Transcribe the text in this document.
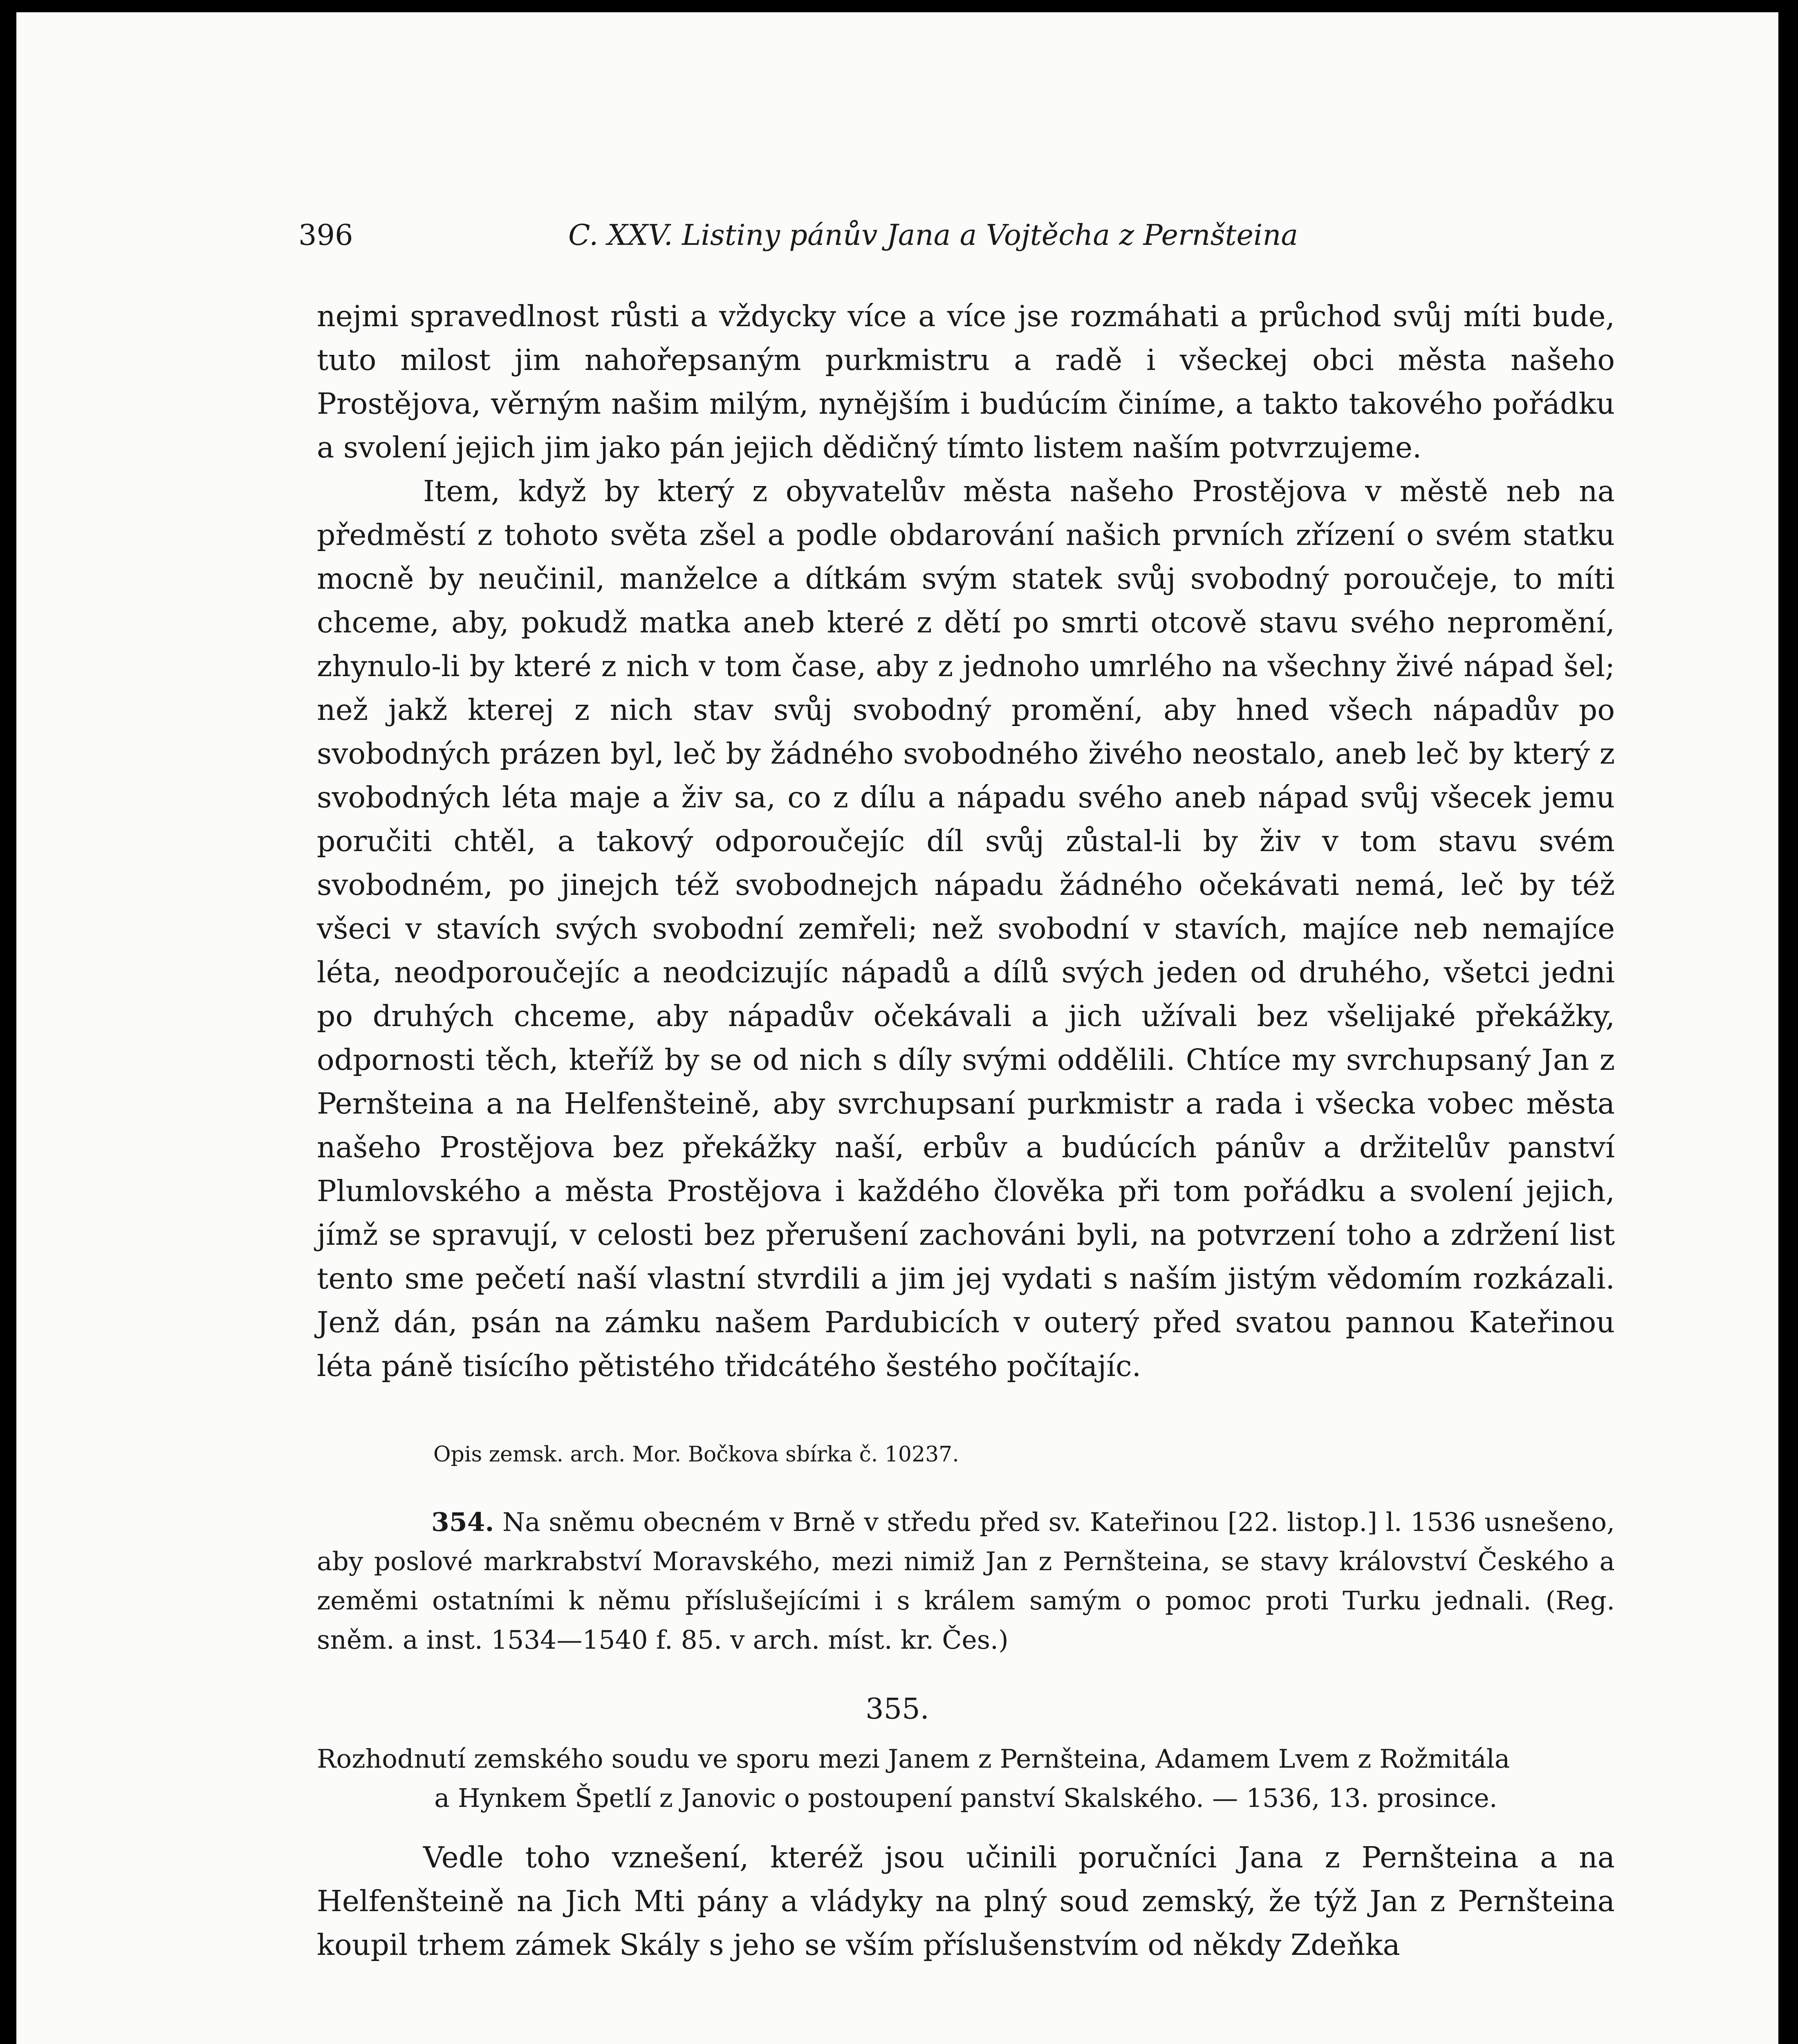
396	C. XXV. Listiny pánův Jana a Vojtěcha z Pernšteina

nejmi spravedlnost růsti a vždycky více a více jse rozmáhati a průchod svůj míti bude, tuto milost jim nahořepsaným purkmistru a radě i všeckej obci města našeho Prostějova, věrným našim milým, nynějším i budúcím činíme, a takto takového pořádku a svolení jejich jim jako pán jejich dědičný tímto listem naším potvrzujeme.

Item, když by který z obyvatelův města našeho Prostějova v městě neb na předměstí z tohoto světa zšel a podle obdarování našich prvních zřízení o svém statku mocně by neučinil, manželce a dítkám svým statek svůj svobodný poroučeje, to míti chceme, aby, pokudž matka aneb které z dětí po smrti otcově stavu svého nepromění, zhynulo-li by které z nich v tom čase, aby z jednoho umrlého na všechny živé nápad šel; než jakž kterej z nich stav svůj svobodný promění, aby hned všech nápadův po svobodných prázen byl, leč by žádného svobodného živého neostalo, aneb leč by který z svobodných léta maje a živ sa, co z dílu a nápadu svého aneb nápad svůj všecek jemu poručiti chtěl, a takový odporoučejíc díl svůj zůstal-li by živ v tom stavu svém svobodném, po jinejch též svobodnejch nápadu žádného očekávati nemá, leč by též všeci v stavích svých svobodní zemřeli; než svobodní v stavích, majíce neb nemajíce léta, neodporoučejíc a neodcizujíc nápadů a dílů svých jeden od druhého, všetci jedni po druhých chceme, aby nápadův očekávali a jich užívali bez všelijaké překážky, odpornosti těch, kteříž by se od nich s díly svými oddělili. Chtíce my svrchupsaný Jan z Pernšteina a na Helfenšteině, aby svrchupsaní purkmistr a rada i všecka vobec města našeho Prostějova bez překážky naší, erbův a budúcích pánův a držitelův panství Plumlovského a města Prostějova i každého člověka při tom pořádku a svolení jejich, jímž se spravují, v celosti bez přerušení zachováni byli, na potvrzení toho a zdržení list tento sme pečetí naší vlastní stvrdili a jim jej vydati s naším jistým vědomím rozkázali. Jenž dán, psán na zámku našem Pardubicích v outerý před svatou pannou Kateřinou léta páně tisícího pětistého třidcátého šestého počítajíc.

Opis zemsk. arch. Mor. Bočkova sbírka č. 10237.
354. Na sněmu obecném v Brně v středu před sv. Kateřinou [22. listop.] l. 1536 usnešeno, aby poslové markrabství Moravského, mezi nimiž Jan z Pernšteina, se stavy království Českého a zeměmi ostatními k němu příslušejícími i s králem samým o pomoc proti Turku jednali. (Reg. sněm. a inst. 1534—1540 f. 85. v arch. míst. kr. Čes.)
355.

Rozhodnutí zemského soudu ve sporu mezi Janem z Pernšteina, Adamem Lvem z Rožmitála

a Hynkem Špetlí z Janovic o postoupení panství Skalského. — 1536, 13. prosince.

Vedle toho vznešení, kteréž jsou učinili poručníci Jana z Pernšteina a na Helfenšteině na Jich Mti pány a vládyky na plný soud zemský, že týž Jan z Pernšteina koupil trhem zámek Skály s jeho se vším příslušenstvím od někdy Zdeňka
